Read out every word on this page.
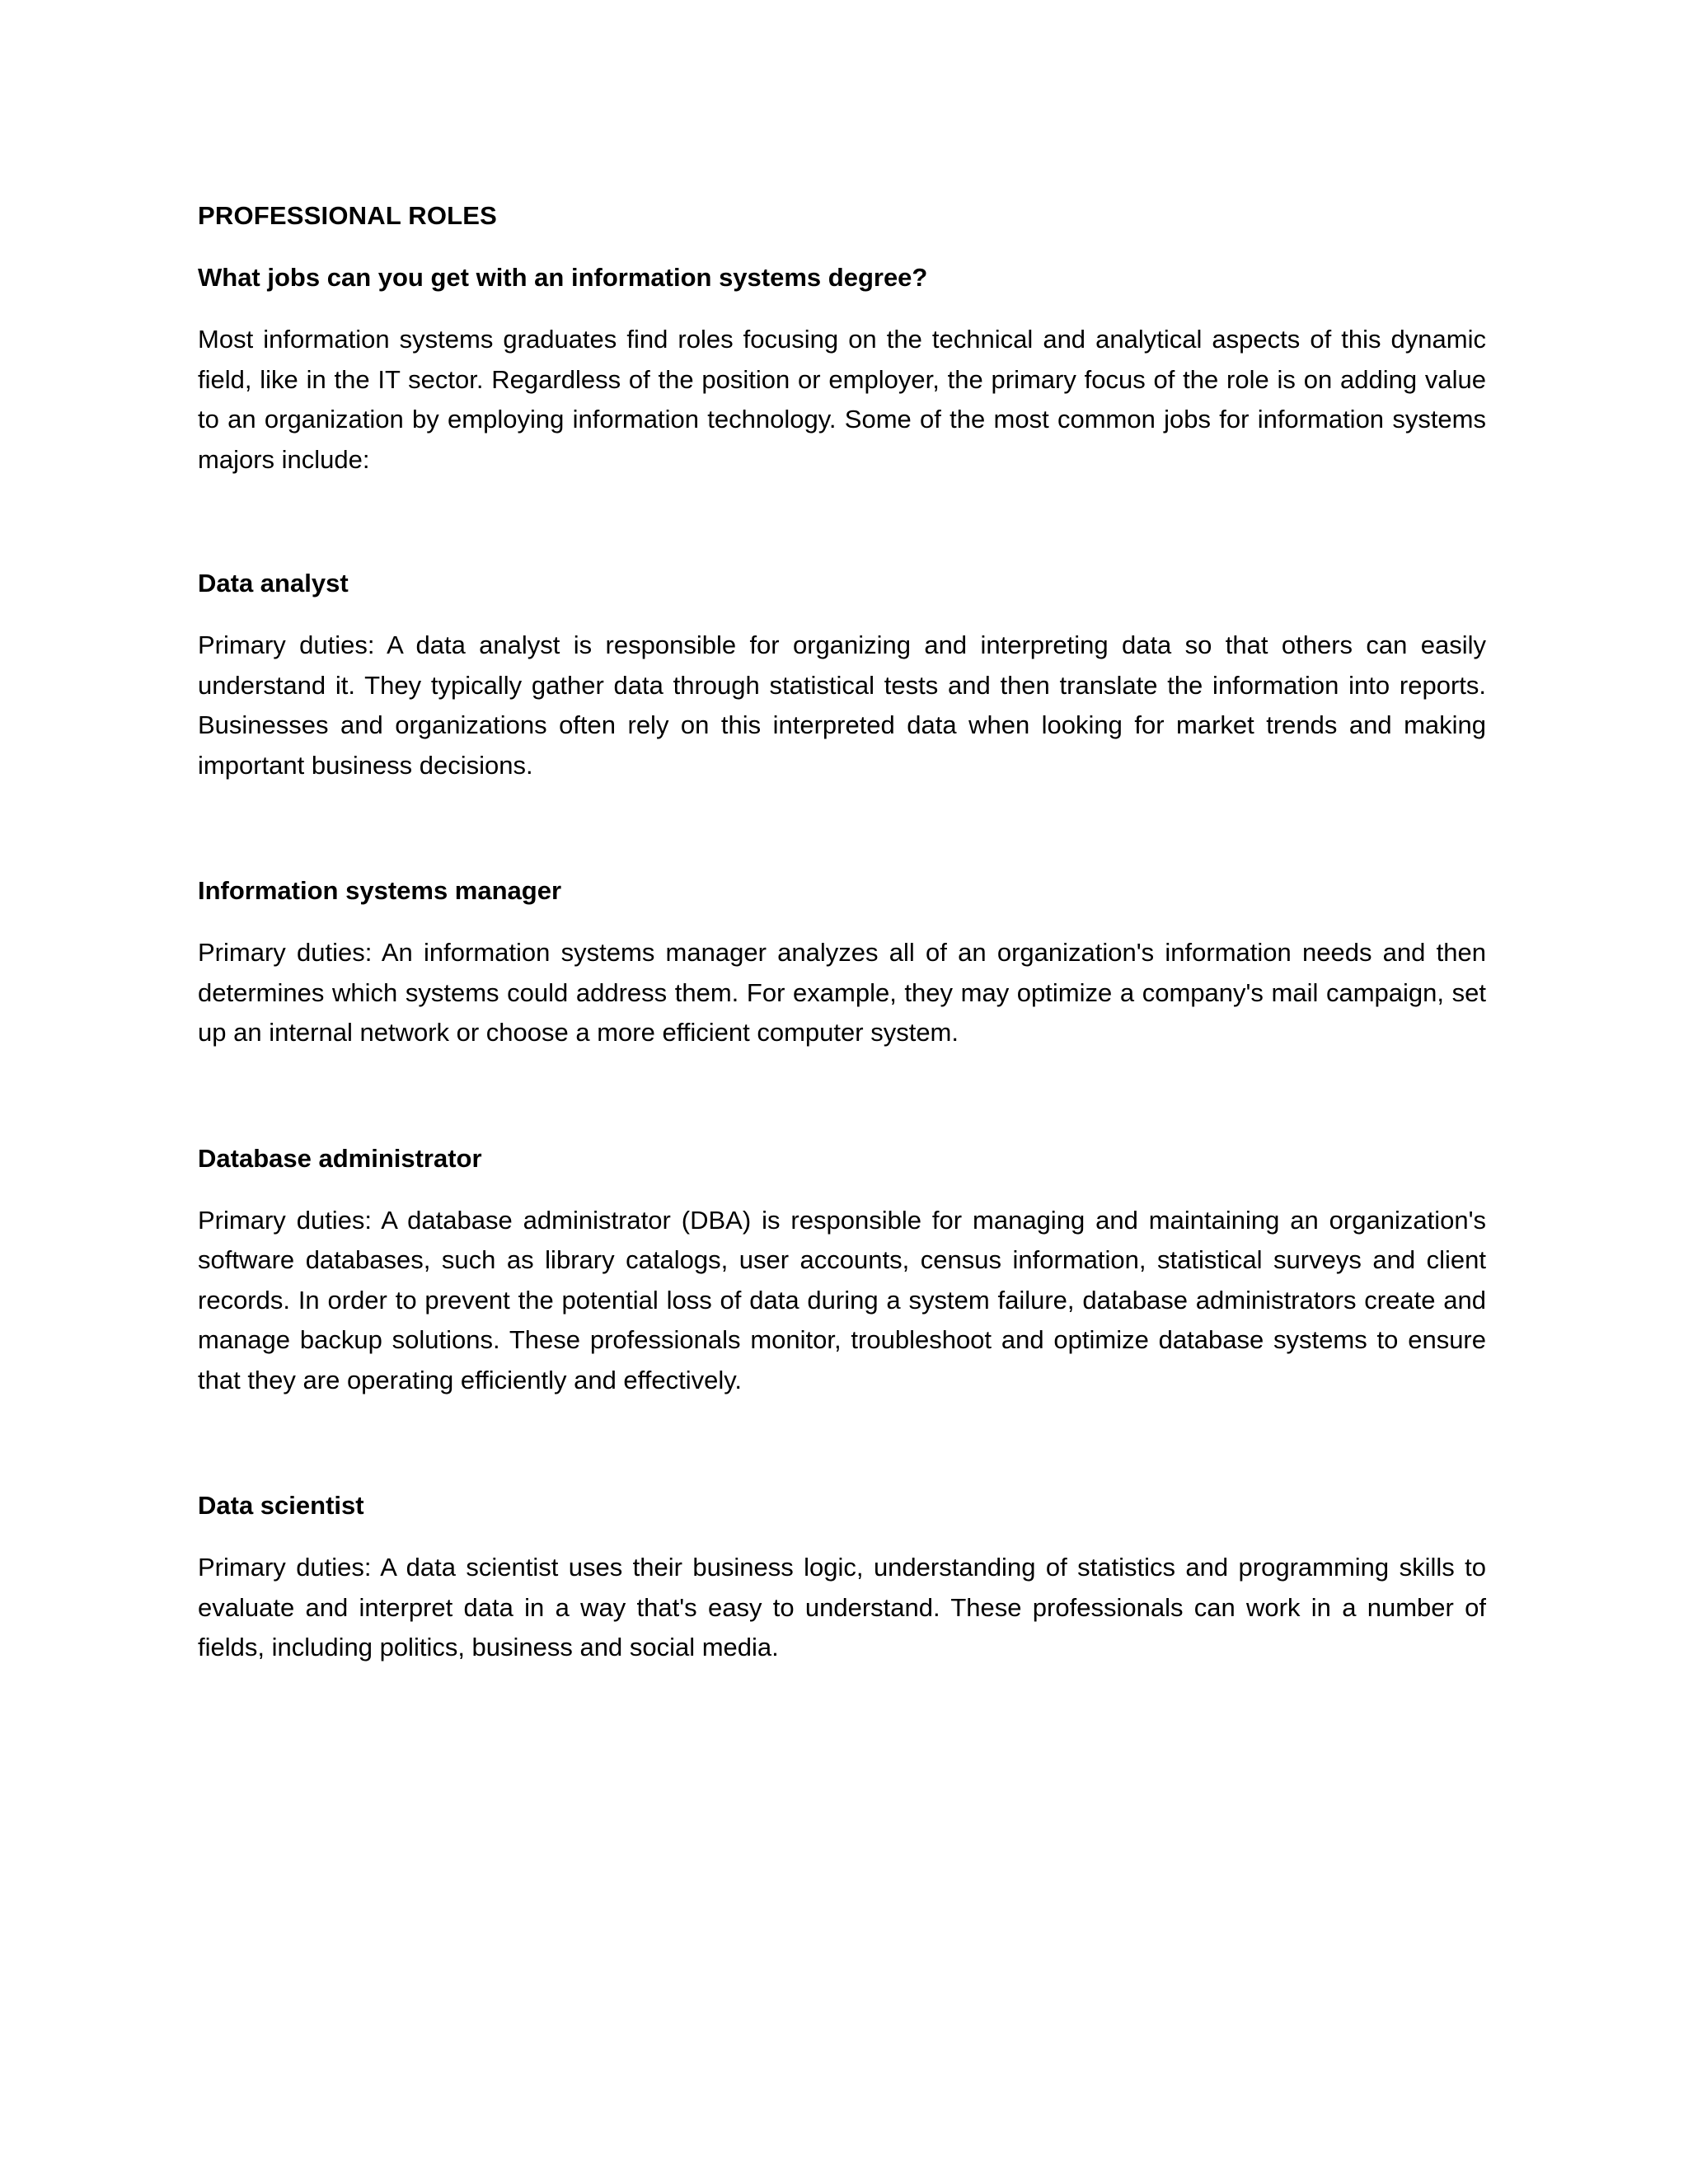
PROFESSIONAL ROLES
What jobs can you get with an information systems degree?

Most information systems graduates find roles focusing on the technical and analytical aspects of this dynamic field, like in the IT sector. Regardless of the position or employer, the primary focus of the role is on adding value to an organization by employing information technology. Some of the most common jobs for information systems majors include:

Data analyst

Primary duties: A data analyst is responsible for organizing and interpreting data so that others can easily understand it. They typically gather data through statistical tests and then translate the information into reports. Businesses and organizations often rely on this interpreted data when looking for market trends and making important business decisions.

Information systems manager

Primary duties: An information systems manager analyzes all of an organization's information needs and then determines which systems could address them. For example, they may optimize a company's mail campaign, set up an internal network or choose a more efficient computer system.

Database administrator

Primary duties: A database administrator (DBA) is responsible for managing and maintaining an organization's software databases, such as library catalogs, user accounts, census information, statistical surveys and client records. In order to prevent the potential loss of data during a system failure, database administrators create and manage backup solutions. These professionals monitor, troubleshoot and optimize database systems to ensure that they are operating efficiently and effectively.

Data scientist

Primary duties: A data scientist uses their business logic, understanding of statistics and programming skills to evaluate and interpret data in a way that's easy to understand. These professionals can work in a number of fields, including politics, business and social media.
